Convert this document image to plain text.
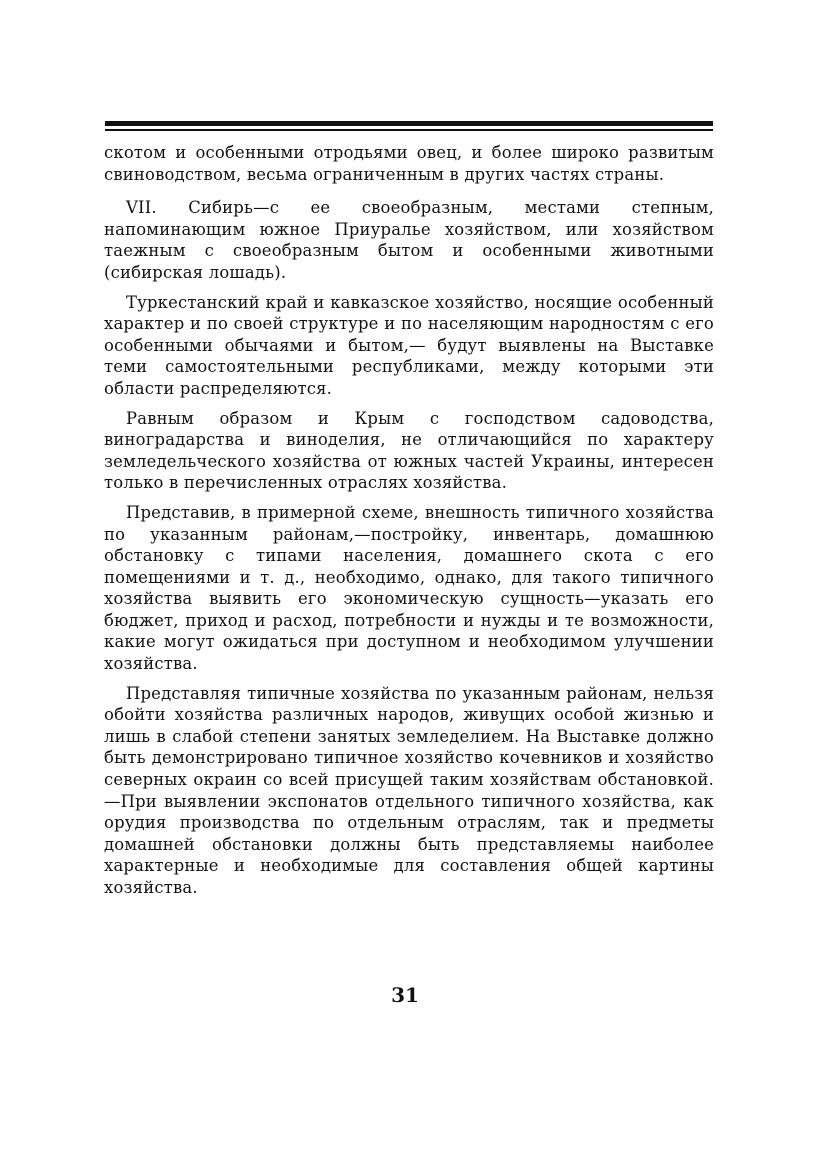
скотом и особенными отродьями овец, и более широко развитым свиноводством, весьма ограниченным в других частях страны.

VII. Сибирь—с ее своеобразным, местами степным, напоминающим южное Приуралье хозяйством, или хозяйством таежным с своеобразным бытом и особенными животными (сибирская лошадь).

Туркестанский край и кавказское хозяйство, носящие особенный характер и по своей структуре и по населяющим народностям с его особенными обычаями и бытом,— будут выявлены на Выставке теми самостоятельными республиками, между которыми эти области распределяются.

Равным образом и Крым с господством садоводства, виноградарства и виноделия, не отличающийся по характеру земледельческого хозяйства от южных частей Украины, интересен только в перечисленных отраслях хозяйства.

Представив, в примерной схеме, внешность типичного хозяйства по указанным районам,—постройку, инвентарь, домашнюю обстановку с типами населения, домашнего скота с его помещениями и т. д., необходимо, однако, для такого типичного хозяйства выявить его экономическую сущность—указать его бюджет, приход и расход, потребности и нужды и те возможности, какие могут ожидаться при доступном и необходимом улучшении хозяйства.

Представляя типичные хозяйства по указанным районам, нельзя обойти хозяйства различных народов, живущих особой жизнью и лишь в слабой степени занятых земледелием. На Выставке должно быть демонстрировано типичное хозяйство кочевников и хозяйство северных окраин со всей присущей таким хозяйствам обстановкой.—При выявлении экспонатов отдельного типичного хозяйства, как орудия производства по отдельным отраслям, так и предметы домашней обстановки должны быть представляемы наиболее характерные и необходимые для составления общей картины хозяйства.

31
